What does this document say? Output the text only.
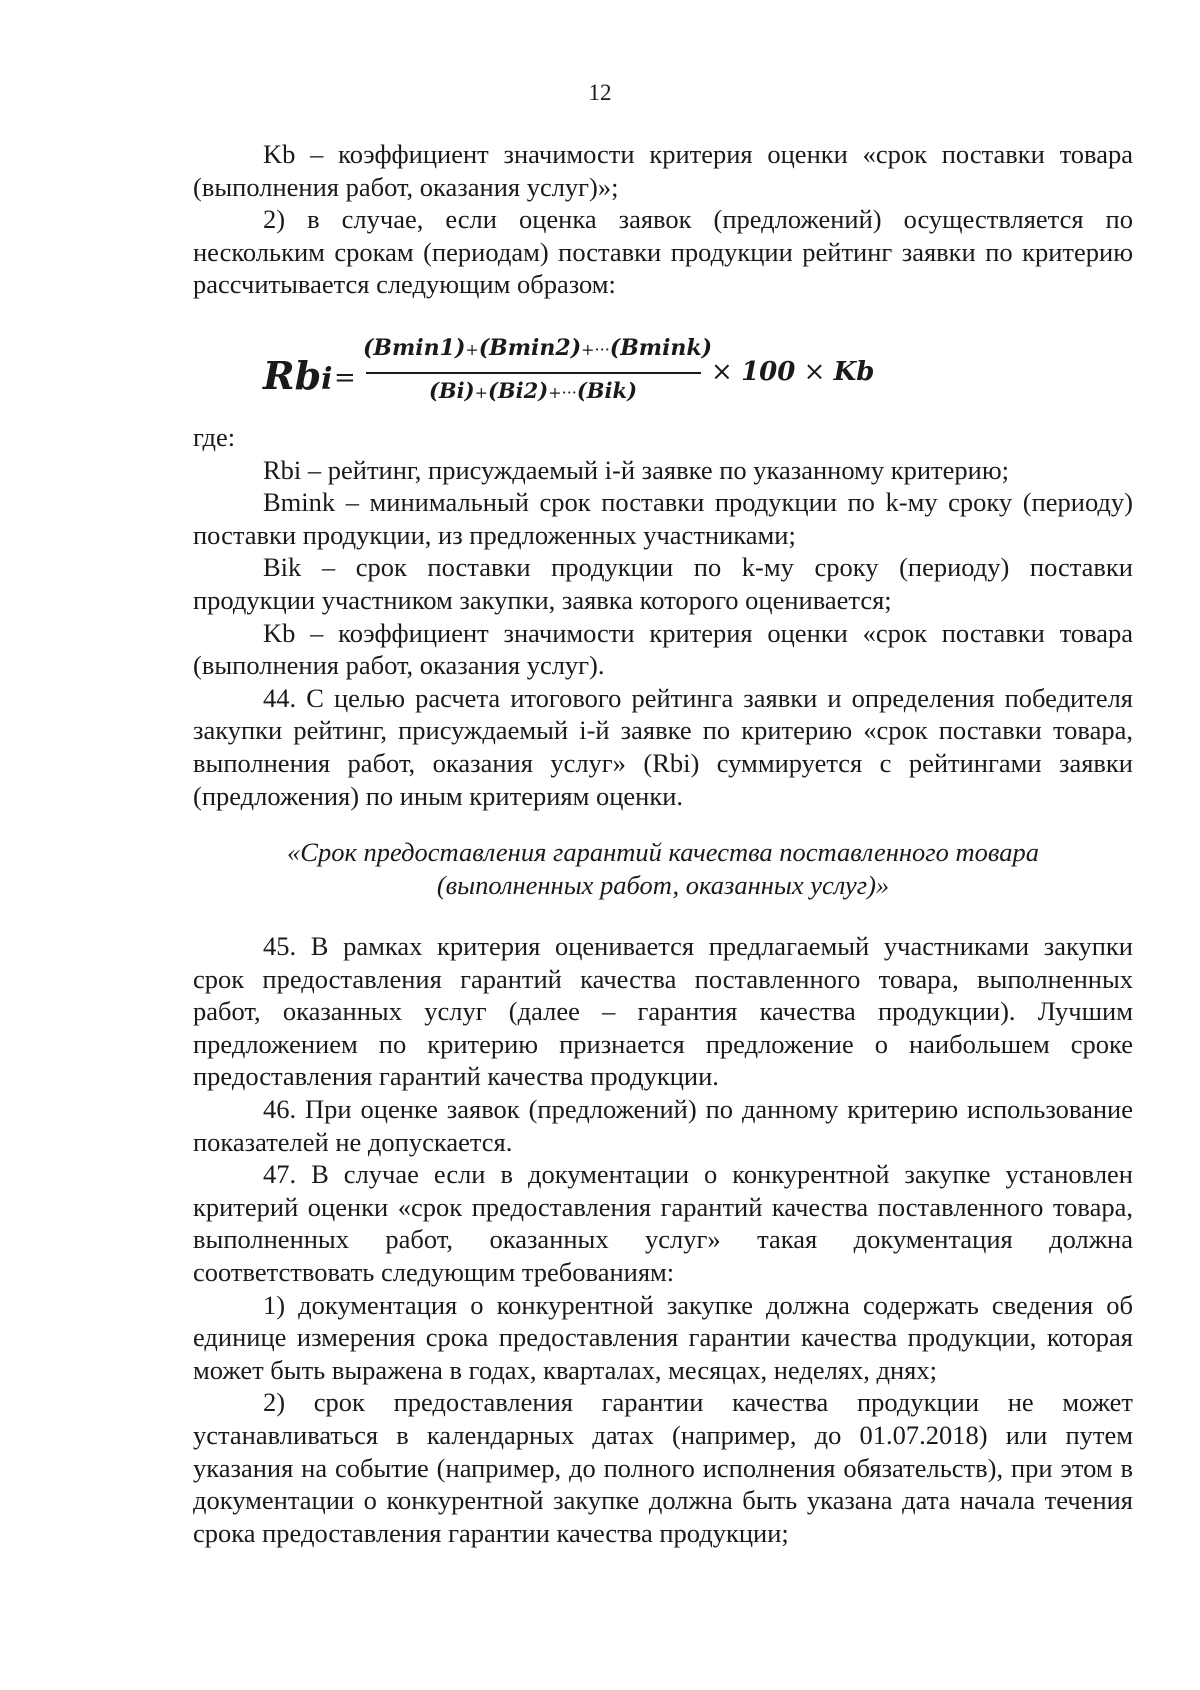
12

Kb – коэффициент значимости критерия оценки «срок поставки товара (выполнения работ, оказания услуг)»;

2) в случае, если оценка заявок (предложений) осуществляется по нескольким срокам (периодам) поставки продукции рейтинг заявки по критерию рассчитывается следующим образом:

Rbi =
(Bmin1)+(Bmin2)+···(Bmink)
(Bi)+(Bi2)+···(Bik)
× 100 × Kb

где:

Rbi – рейтинг, присуждаемый i-й заявке по указанному критерию;

Bmink – минимальный срок поставки продукции по k-му сроку (периоду) поставки продукции, из предложенных участниками;

Bik – срок поставки продукции по k-му сроку (периоду) поставки продукции участником закупки, заявка которого оценивается;

Kb – коэффициент значимости критерия оценки «срок поставки товара (выполнения работ, оказания услуг).

44. С целью расчета итогового рейтинга заявки и определения победителя закупки рейтинг, присуждаемый i-й заявке по критерию «срок поставки товара, выполнения работ, оказания услуг» (Rbi) суммируется с рейтингами заявки (предложения) по иным критериям оценки.

«Срок предоставления гарантий качества поставленного товара
(выполненных работ, оказанных услуг)»

45. В рамках критерия оценивается предлагаемый участниками закупки срок предоставления гарантий качества поставленного товара, выполненных работ, оказанных услуг (далее – гарантия качества продукции). Лучшим предложением по критерию признается предложение о наибольшем сроке предоставления гарантий качества продукции.

46. При оценке заявок (предложений) по данному критерию использование показателей не допускается.

47. В случае если в документации о конкурентной закупке установлен критерий оценки «срок предоставления гарантий качества поставленного товара, выполненных работ, оказанных услуг» такая документация должна соответствовать следующим требованиям:

1) документация о конкурентной закупке должна содержать сведения об единице измерения срока предоставления гарантии качества продукции, которая может быть выражена в годах, кварталах, месяцах, неделях, днях;

2) срок предоставления гарантии качества продукции не может устанавливаться в календарных датах (например, до 01.07.2018) или путем указания на событие (например, до полного исполнения обязательств), при этом в документации о конкурентной закупке должна быть указана дата начала течения срока предоставления гарантии качества продукции;
